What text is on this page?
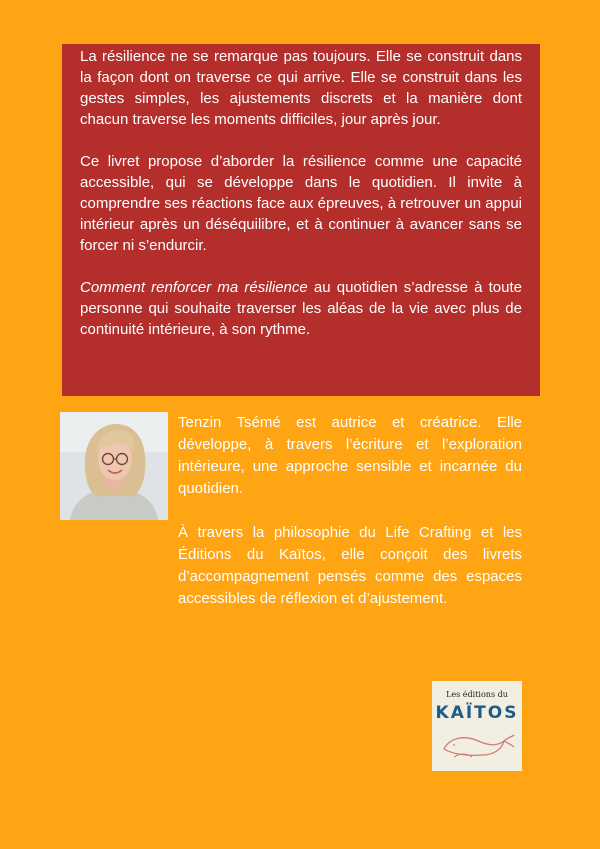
La résilience ne se remarque pas toujours. Elle se construit dans la façon dont on traverse ce qui arrive. Elle se construit dans les gestes simples, les ajustements discrets et la manière dont chacun traverse les moments difficiles, jour après jour.

Ce livret propose d’aborder la résilience comme une capacité accessible, qui se développe dans le quotidien. Il invite à comprendre ses réactions face aux épreuves, à retrouver un appui intérieur après un déséquilibre, et à continuer à avancer sans se forcer ni s’endurcir.

Comment renforcer ma résilience au quotidien s’adresse à toute personne qui souhaite traverser les aléas de la vie avec plus de continuité intérieure, à son rythme.

Tenzin Tsémé est autrice et créatrice. Elle développe, à travers l’écriture et l’exploration intérieure, une approche sensible et incarnée du quotidien.

À travers la philosophie du Life Crafting et les Éditions du Kaïtos, elle conçoit des livrets d’accompagnement pensés comme des espaces accessibles de réflexion et d’ajustement.

Les éditions du
KAÏTOS
